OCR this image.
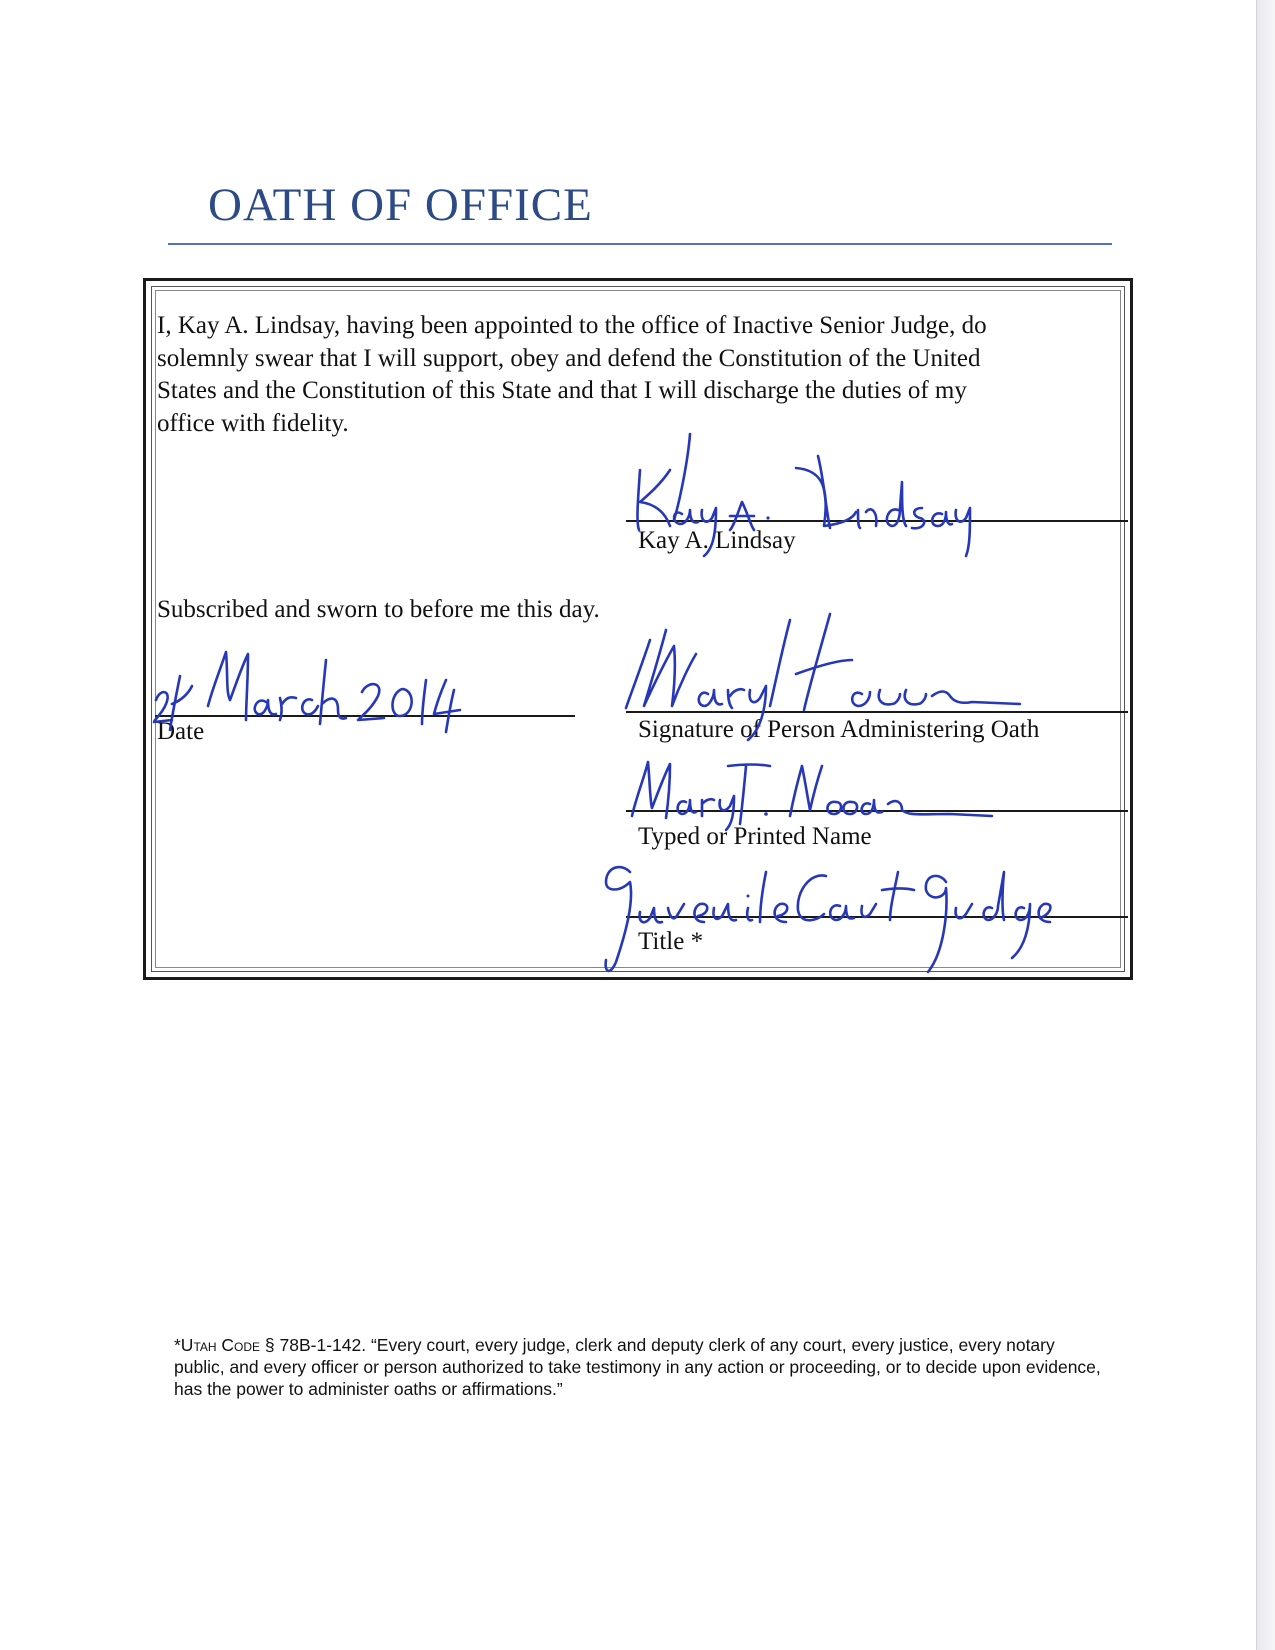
OATH OF OFFICE

I, Kay A. Lindsay, having been appointed to the office of Inactive Senior Judge, do
solemnly swear that I will support, obey and defend the Constitution of the United
States and the Constitution of this State and that I will discharge the duties of my
office with fidelity.

Kay A. Lindsay
Subscribed and sworn to before me this day.
Date	Signature of Person Administering Oath
Typed or Printed Name
Title *

*Utah Code § 78B-1-142. “Every court, every judge, clerk and deputy clerk of any court, every justice, every notary public, and every officer or person authorized to take testimony in any action or proceeding, or to decide upon evidence, has the power to administer oaths or affirmations.”
